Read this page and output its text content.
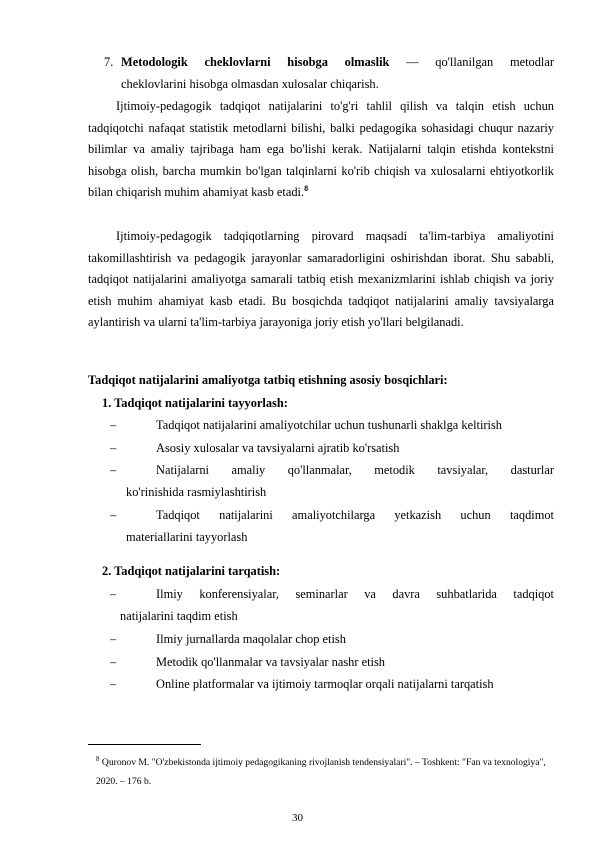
7. Metodologik cheklovlarni hisobga olmaslik — qo'llanilgan metodlar
cheklovlarini hisobga olmasdan xulosalar chiqarish.
Ijtimoiy-pedagogik tadqiqot natijalarini to'g'ri tahlil qilish va talqin etish uchun tadqiqotchi nafaqat statistik metodlarni bilishi, balki pedagogika sohasidagi chuqur nazariy bilimlar va amaliy tajribaga ham ega bo'lishi kerak. Natijalarni talqin etishda kontekstni hisobga olish, barcha mumkin bo'lgan talqinlarni ko'rib chiqish va xulosalarni ehtiyotkorlik bilan chiqarish muhim ahamiyat kasb etadi.$^8$
Ijtimoiy-pedagogik tadqiqotlarning pirovard maqsadi ta'lim-tarbiya amaliyotini takomillashtirish va pedagogik jarayonlar samaradorligini oshirishdan iborat. Shu sababli, tadqiqot natijalarini amaliyotga samarali tatbiq etish mexanizmlarini ishlab chiqish va joriy etish muhim ahamiyat kasb etadi. Bu bosqichda tadqiqot natijalarini amaliy tavsiyalarga aylantirish va ularni ta'lim-tarbiya jarayoniga joriy etish yo'llari belgilanadi.
Tadqiqot natijalarini amaliyotga tatbiq etishning asosiy bosqichlari:
1. Tadqiqot natijalarini tayyorlash:
–	Tadqiqot natijalarini amaliyotchilar uchun tushunarli shaklga keltirish
–	Asosiy xulosalar va tavsiyalarni ajratib ko'rsatish
–	Natijalarni amaliy qo'llanmalar, metodik tavsiyalar, dasturlar
ko'rinishida rasmiylashtirish
–	Tadqiqot natijalarini amaliyotchilarga yetkazish uchun taqdimot
materiallarini tayyorlash
2. Tadqiqot natijalarini tarqatish:
–	Ilmiy konferensiyalar, seminarlar va davra suhbatlarida tadqiqot
natijalarini taqdim etish
–	Ilmiy jurnallarda maqolalar chop etish
–	Metodik qo'llanmalar va tavsiyalar nashr etish
–	Online platformalar va ijtimoiy tarmoqlar orqali natijalarni tarqatish
$^8$ Quronov M. "O'zbekistonda ijtimoiy pedagogikaning rivojlanish tendensiyalari". – Toshkent: "Fan va texnologiya", 2020. – 176 b.
30
